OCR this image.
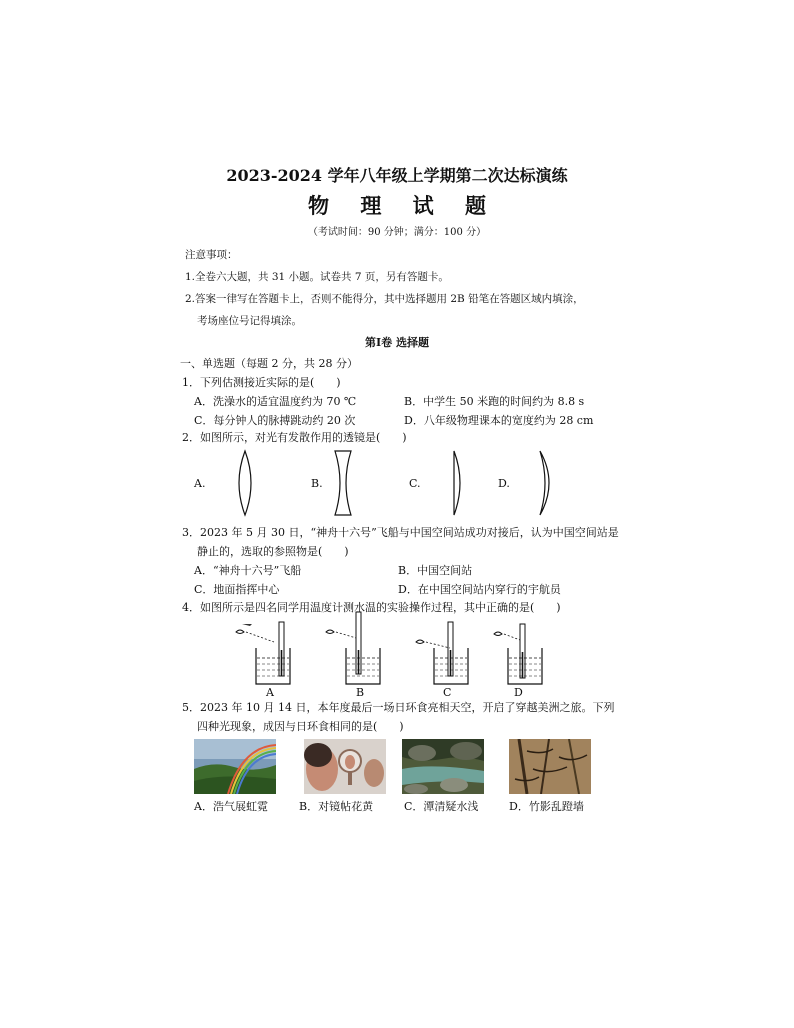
2023-2024 学年八年级上学期第二次达标演练
物 理 试 题
（考试时间：90 分钟；满分：100 分）
注意事项：
1.全卷六大题，共 31 小题。试卷共 7 页，另有答题卡。
2.答案一律写在答题卡上，否则不能得分，其中选择题用 2B 铅笔在答题区域内填涂，
考场座位号记得填涂。
第Ⅰ卷 选择题
一、单选题（每题 2 分，共 28 分）
1．下列估测接近实际的是(　　)
A．洗澡水的适宜温度约为 70 ℃	B．中学生 50 米跑的时间约为 8.8 s
C．每分钟人的脉搏跳动约 20 次	D．八年级物理课本的宽度约为 28 cm
2．如图所示，对光有发散作用的透镜是(　　)
A.	B.	C.	D.
3．2023 年 5 月 30 日，“神舟十六号”飞船与中国空间站成功对接后，认为中国空间站是
静止的，选取的参照物是(　　)
A．“神舟十六号”飞船	B．中国空间站
C．地面指挥中心	D．在中国空间站内穿行的宇航员
4．如图所示是四名同学用温度计测水温的实验操作过程，其中正确的是(　　)
A	B	C	D
5．2023 年 10 月 14 日，本年度最后一场日环食亮相天空，开启了穿越美洲之旅。下列
四种光现象，成因与日环食相同的是(　　)
A．浩气展虹霓	B．对镜帖花黄	C．潭清疑水浅	D．竹影乱蹬墙
